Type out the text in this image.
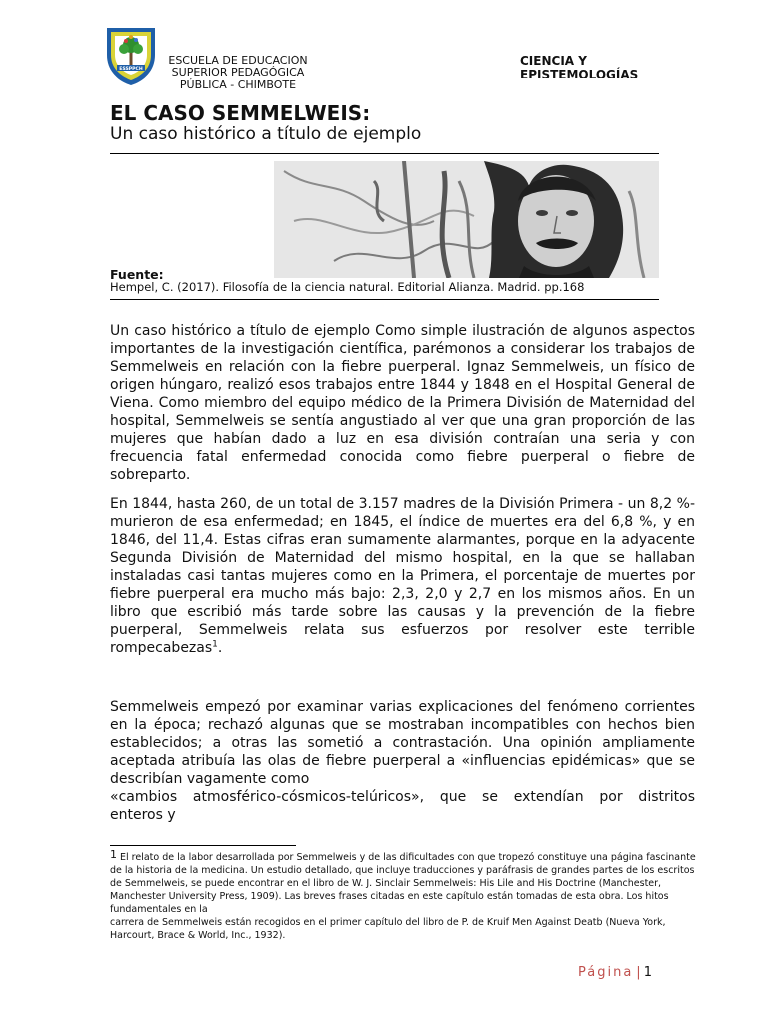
ESSPPCH
ESCUELA DE EDUCACIÓN
SUPERIOR PEDAGÓGICA
PÚBLICA - CHIMBOTE
CIENCIA Y
EPISTEMOLOGÍAS
EL CASO SEMMELWEIS:
Un caso histórico a título de ejemplo
Fuente:
Hempel, C. (2017). Filosofía de la ciencia natural. Editorial Alianza. Madrid. pp.168
Un caso histórico a título de ejemplo Como simple ilustración de algunos aspectos importantes de la investigación científica, parémonos a considerar los trabajos de Semmelweis en relación con la fiebre puerperal. Ignaz Semmelweis, un físico de origen húngaro, realizó esos trabajos entre 1844 y 1848 en el Hospital General de Viena. Como miembro del equipo médico de la Primera División de Maternidad del hospital, Semmelweis se sentía angustiado al ver que una gran proporción de las mujeres que habían dado a luz en esa división contraían una seria y con frecuencia fatal enfermedad conocida como fiebre puerperal o fiebre de sobreparto.
En 1844, hasta 260, de un total de 3.157 madres de la División Primera - un 8,2 %- murieron de esa enfermedad; en 1845, el índice de muertes era del 6,8 %, y en 1846, del 11,4. Estas cifras eran sumamente alarmantes, porque en la adyacente Segunda División de Maternidad del mismo hospital, en la que se hallaban instaladas casi tantas mujeres como en la Primera, el porcentaje de muertes por fiebre puerperal era mucho más bajo: 2,3, 2,0 y 2,7 en los mismos años. En un libro que escribió más tarde sobre las causas y la prevención de la fiebre puerperal, Semmelweis relata sus esfuerzos por resolver este terrible rompecabezas$^1$.
Semmelweis empezó por examinar varias explicaciones del fenómeno corrientes en la época; rechazó algunas que se mostraban incompatibles con hechos bien establecidos; a otras las sometió a contrastación. Una opinión ampliamente aceptada atribuía las olas de fiebre puerperal a «influencias epidémicas» que se describían vagamente como
«cambios atmosférico-cósmicos-telúricos», que se extendían por distritos
enteros y
1 El relato de la labor desarrollada por Semmelweis y de las dificultades con que tropezó constituye una página fascinante de la historia de la medicina. Un estudio detallado, que incluye traducciones y paráfrasis de grandes partes de los escritos de Semmelweis, se puede encontrar en el libro de W. J. Sinclair Semmelweis: His Lile and His Doctrine (Manchester, Manchester University Press, 1909). Las breves frases citadas en este capítulo están tomadas de esta obra. Los hitos fundamentales en la
carrera de Semmelweis están recogidos en el primer capítulo del libro de P. de Kruif Men Against Deatb (Nueva York, Harcourt, Brace & World, Inc., 1932).
Página | 1
